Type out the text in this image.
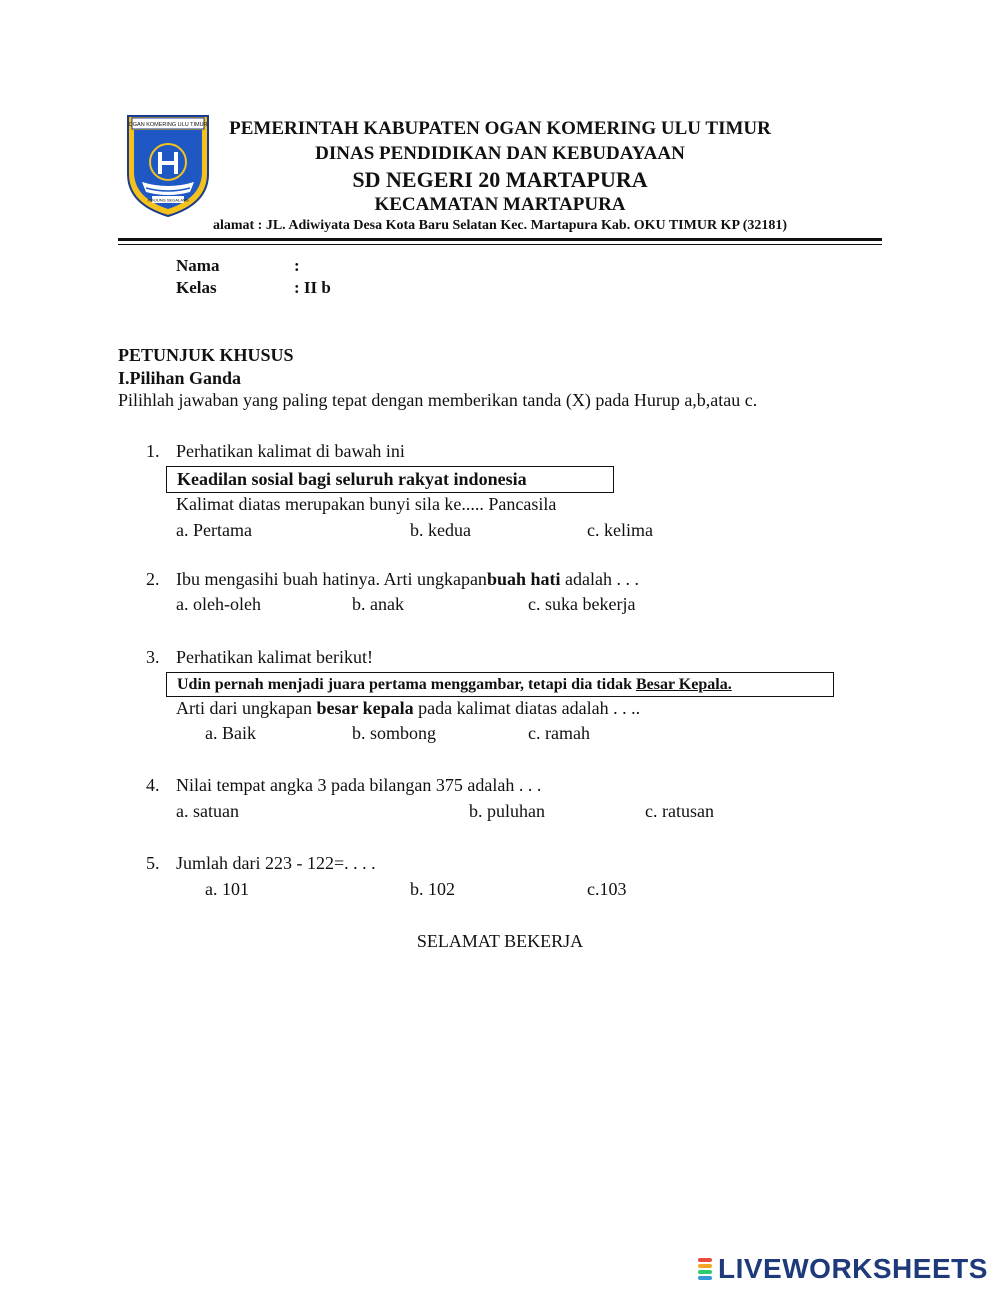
OGAN KOMERING ULU TIMUR
JUNJUNG SEGALANG
PEMERINTAH KABUPATEN OGAN KOMERING ULU TIMUR
DINAS PENDIDIKAN DAN KEBUDAYAAN
SD NEGERI 20 MARTAPURA
KECAMATAN MARTAPURA
alamat : JL. Adiwiyata Desa Kota Baru Selatan Kec. Martapura Kab. OKU TIMUR KP (32181)
Nama	:
Kelas	: II b
PETUNJUK KHUSUS
I.Pilihan Ganda
Pilihlah jawaban yang paling tepat dengan memberikan tanda (X) pada Hurup a,b,atau c.
1. Perhatikan kalimat di bawah ini
Keadilan sosial bagi seluruh rakyat indonesia
Kalimat diatas merupakan bunyi sila ke..... Pancasila
a. Pertama	b. kedua	c. kelima
2. Ibu mengasihi buah hatinya. Arti ungkapanbuah hati adalah . . .
a. oleh-oleh	b. anak	c. suka bekerja
3. Perhatikan kalimat berikut!
Udin pernah menjadi juara pertama menggambar, tetapi dia tidak Besar Kepala.
Arti dari ungkapan besar kepala pada kalimat diatas adalah . . ..
a. Baik	b. sombong	c. ramah
4. Nilai tempat angka 3 pada bilangan 375 adalah . . .
a. satuan	b. puluhan	c. ratusan
5. Jumlah dari 223 - 122=. . . .
a. 101	b. 102	c.103
SELAMAT BEKERJA
LIVEWORKSHEETS
